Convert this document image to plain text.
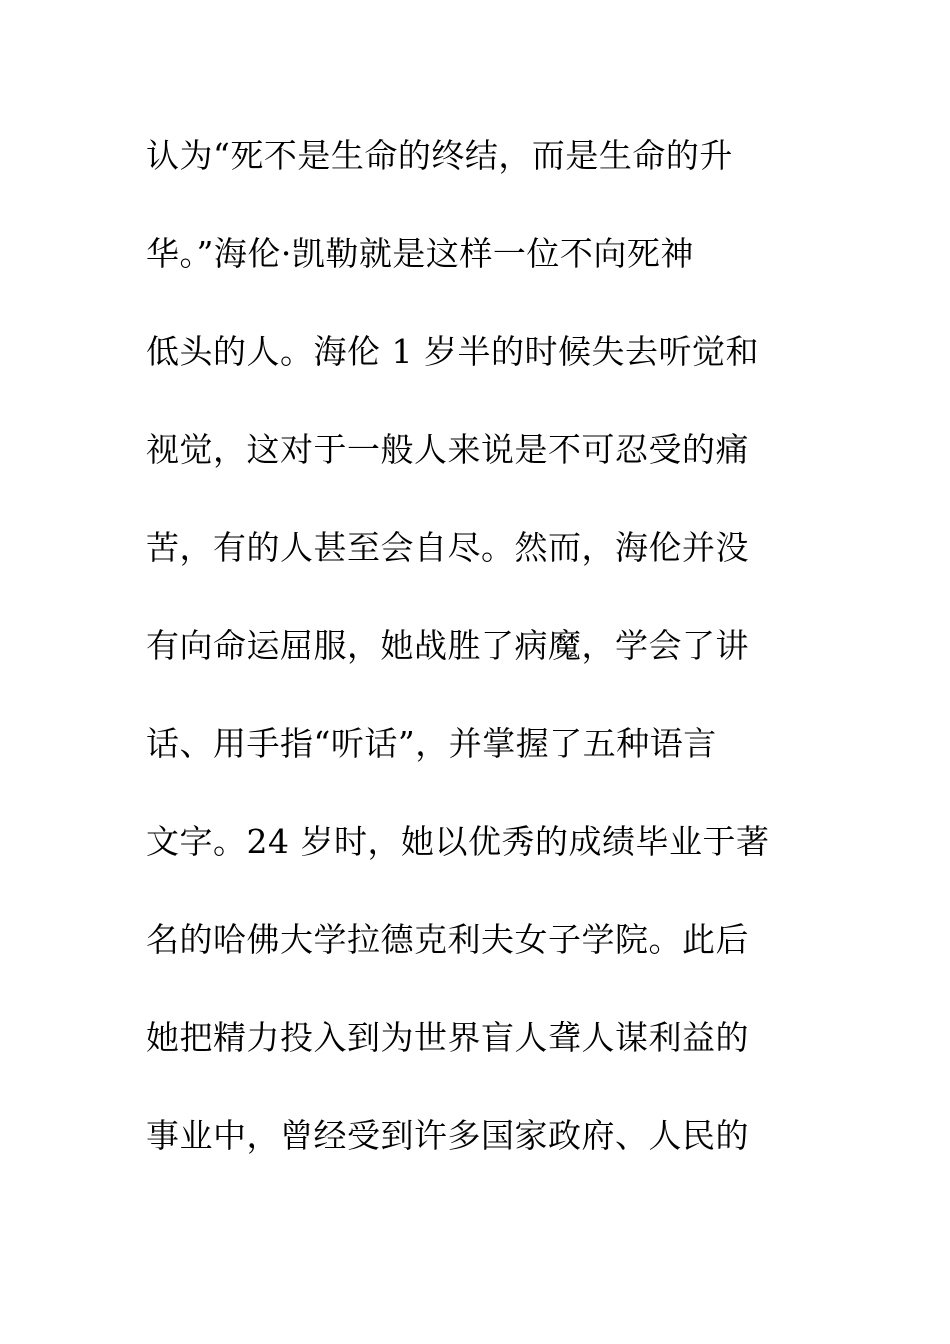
认为“死不是生命的终结，而是生命的升
华。”海伦·凯勒就是这样一位不向死神
低头的人。海伦 1 岁半的时候失去听觉和
视觉，这对于一般人来说是不可忍受的痛
苦，有的人甚至会自尽。然而，海伦并没
有向命运屈服，她战胜了病魔，学会了讲
话、用手指“听话”，并掌握了五种语言
文字。24 岁时，她以优秀的成绩毕业于著
名的哈佛大学拉德克利夫女子学院。此后
她把精力投入到为世界盲人聋人谋利益的
事业中，曾经受到许多国家政府、人民的
